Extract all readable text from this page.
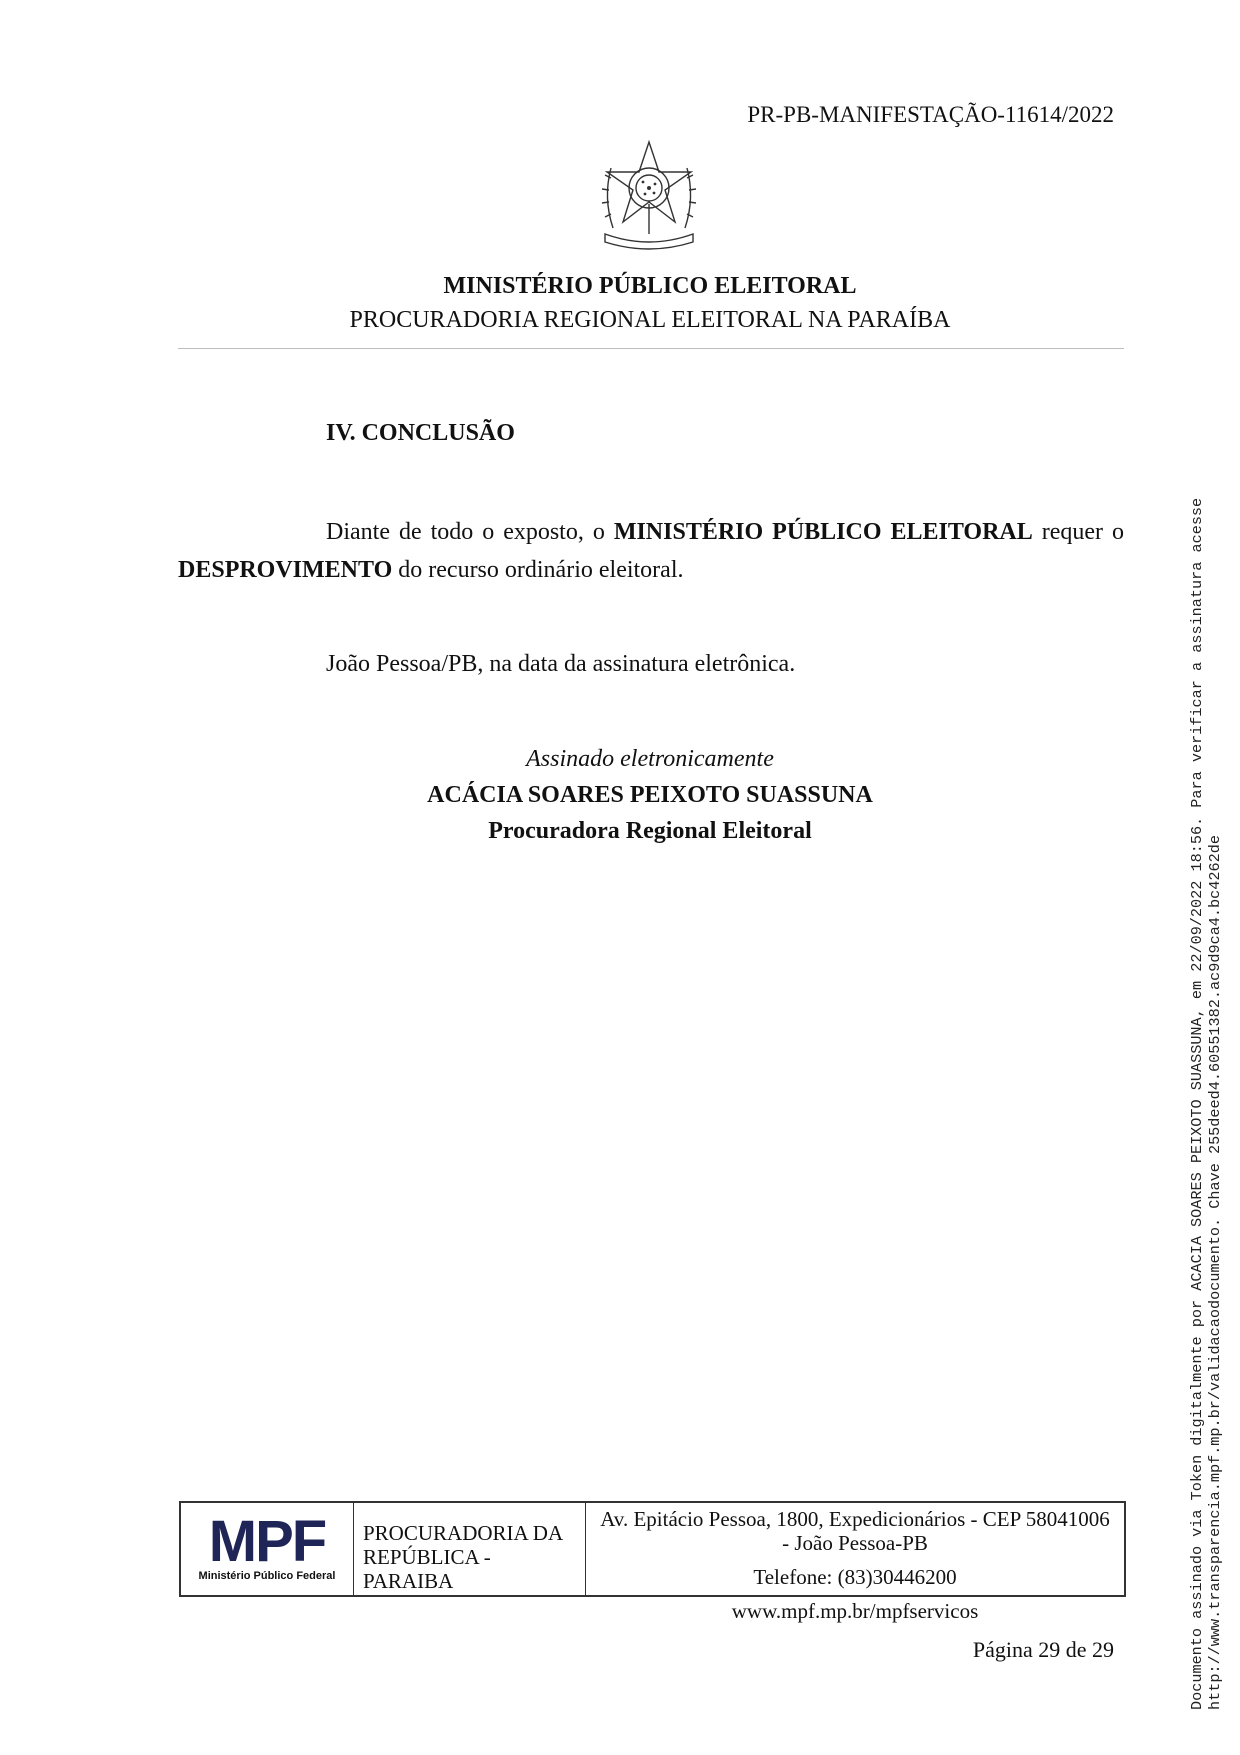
PR-PB-MANIFESTAÇÃO-11614/2022
MINISTÉRIO PÚBLICO ELEITORAL
PROCURADORIA REGIONAL ELEITORAL NA PARAÍBA
IV. CONCLUSÃO
Diante de todo o exposto, o MINISTÉRIO PÚBLICO ELEITORAL requer o DESPROVIMENTO do recurso ordinário eleitoral.
João Pessoa/PB, na data da assinatura eletrônica.
Assinado eletronicamente
ACÁCIA SOARES PEIXOTO SUASSUNA
Procuradora Regional Eleitoral
MPF
Ministério Público Federal
PROCURADORIA DA REPÚBLICA - PARAIBA
Av. Epitácio Pessoa, 1800, Expedicionários - CEP 58041006
- João Pessoa-PB
Telefone: (83)30446200
www.mpf.mp.br/mpfservicos
Página 29 de 29	Documento assinado via Token digitalmente por ACACIA SOARES PEIXOTO SUASSUNA, em 22/09/2022 18:56. Para verificar a assinatura acesse http://www.transparencia.mpf.mp.br/validacaodocumento. Chave 255deed4.60551382.ac9d9ca4.bc4262de
